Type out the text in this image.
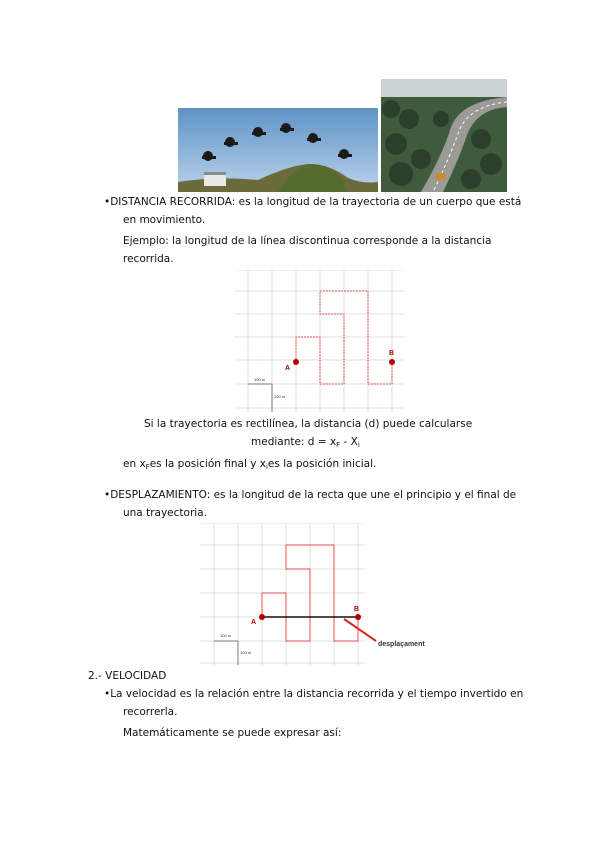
•DISTANCIA RECORRIDA: es la longitud de la trayectoria de un cuerpo que está
en movimiento.
Ejemplo: la longitud de la línea discontinua corresponde a la distancia
recorrida.
A
B
100 m
100 m
Si la trayectoria es rectilínea, la distancia (d) puede calcularse
mediante: $d = x_F - X_i$
en $x_Fes$ la posición final y $x_ies$ la posición inicial.
•DESPLAZAMIENTO: es la longitud de la recta que une el principio y el final de
una trayectoria.
A
B
100 m
100 m
desplaçament
2.- VELOCIDAD
•La velocidad es la relación entre la distancia recorrida y el tiempo invertido en
recorrerla.
Matemáticamente se puede expresar así:
